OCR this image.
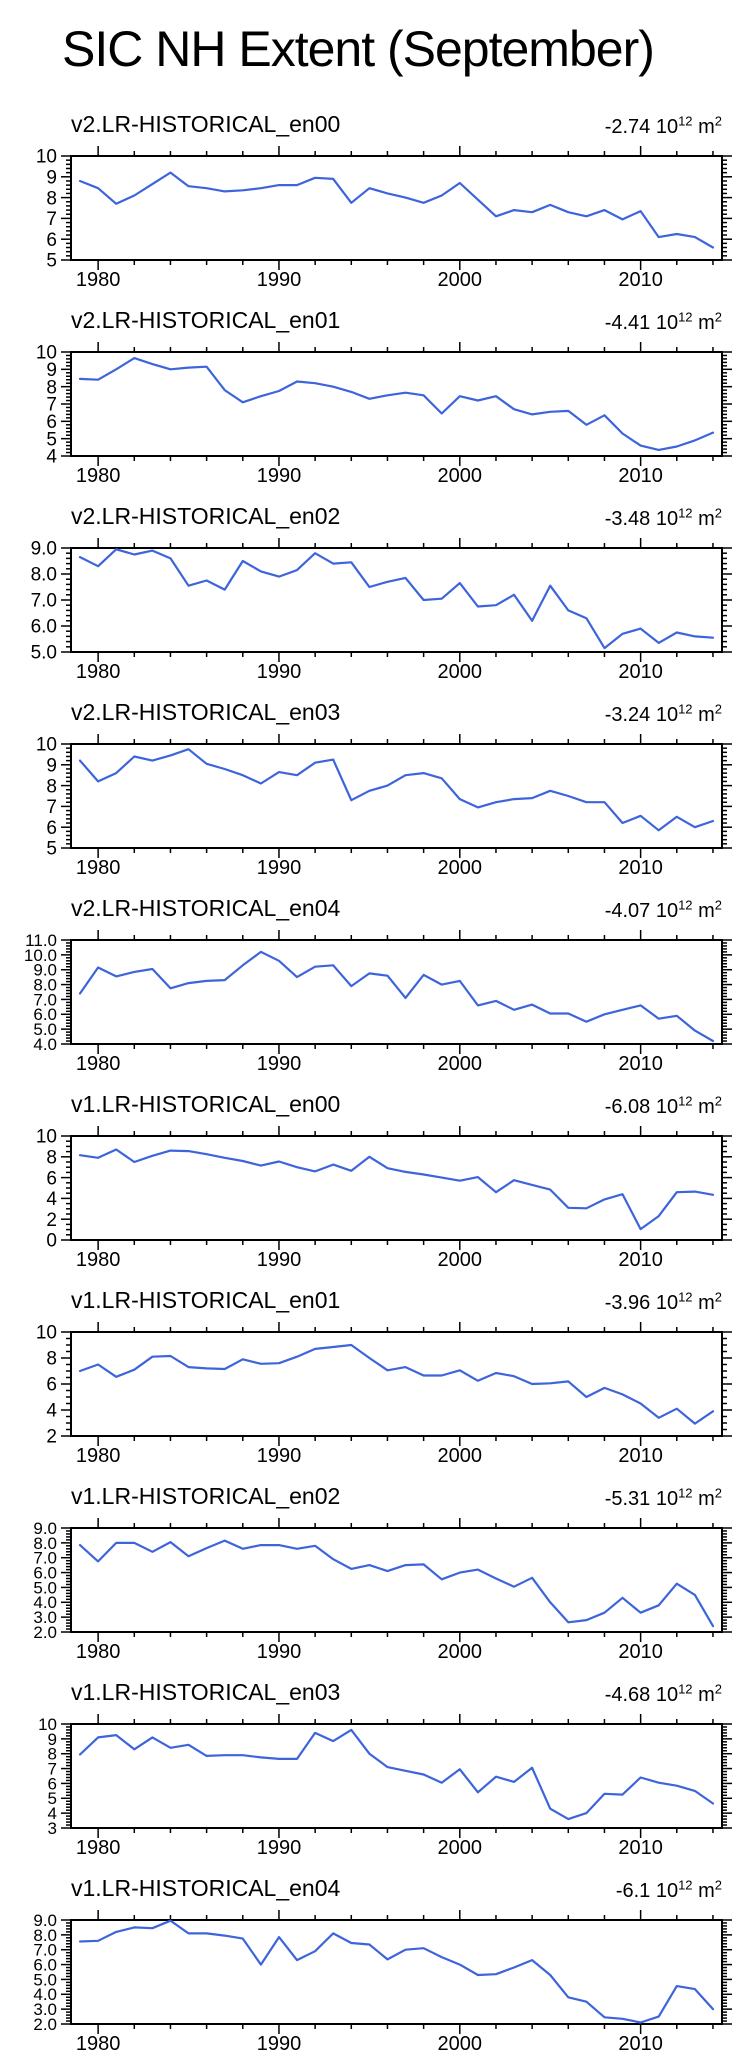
SIC NH Extent (September)
10
9
8
7
6
5
1980	1990	2000	2010
v2.LR-HISTORICAL_en00	-2.74 $10^{12}$ $m^2$
10
9
8
7
6
5
4
1980	1990	2000	2010
v2.LR-HISTORICAL_en01	-4.41 $10^{12}$ $m^2$
9.0
8.0
7.0
6.0
5.0
1980	1990	2000	2010
v2.LR-HISTORICAL_en02	-3.48 $10^{12}$ $m^2$
10
9
8
7
6
5
1980	1990	2000	2010
v2.LR-HISTORICAL_en03	-3.24 $10^{12}$ $m^2$
11.0
10.0
9.0
8.0
7.0
6.0
5.0
4.0
1980	1990	2000	2010
v2.LR-HISTORICAL_en04	-4.07 $10^{12}$ $m^2$
10
8
6
4
2
0
1980	1990	2000	2010
v1.LR-HISTORICAL_en00	-6.08 $10^{12}$ $m^2$
10
8
6
4
2
1980	1990	2000	2010
v1.LR-HISTORICAL_en01	-3.96 $10^{12}$ $m^2$
9.0
8.0
7.0
6.0
5.0
4.0
3.0
2.0
1980	1990	2000	2010
v1.LR-HISTORICAL_en02	-5.31 $10^{12}$ $m^2$
10
9
8
7
6
5
4
3
1980	1990	2000	2010
v1.LR-HISTORICAL_en03	-4.68 $10^{12}$ $m^2$
9.0
8.0
7.0
6.0
5.0
4.0
3.0
2.0
1980	1990	2000	2010
v1.LR-HISTORICAL_en04	-6.1 $10^{12}$ $m^2$
